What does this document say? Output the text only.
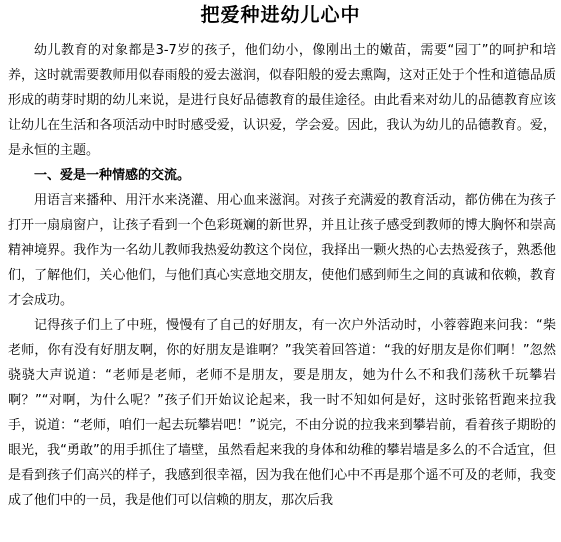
把爱种进幼儿心中

幼儿教育的对象都是3-7岁的孩子，他们幼小，像刚出土的嫩苗，需要“园丁”的呵护和培养，这时就需要教师用似春雨般的爱去滋润，似春阳般的爱去熏陶，这对正处于个性和道德品质形成的萌芽时期的幼儿来说，是进行良好品德教育的最佳途径。由此看来对幼儿的品德教育应该让幼儿在生活和各项活动中时时感受爱，认识爱，学会爱。因此，我认为幼儿的品德教育。爱，是永恒的主题。

一、爱是一种情感的交流。

用语言来播种、用汗水来浇灌、用心血来滋润。对孩子充满爱的教育活动，都仿佛在为孩子打开一扇扇窗户，让孩子看到一个色彩斑斓的新世界，并且让孩子感受到教师的博大胸怀和崇高精神境界。我作为一名幼儿教师我热爱幼教这个岗位，我择出一颗火热的心去热爱孩子，熟悉他们，了解他们，关心他们，与他们真心实意地交朋友，使他们感到师生之间的真诚和依赖，教育才会成功。

记得孩子们上了中班，慢慢有了自己的好朋友，有一次户外活动时，小蓉蓉跑来问我：“柴老师，你有没有好朋友啊，你的好朋友是谁啊？”我笑着回答道：“我的好朋友是你们啊！”忽然骁骁大声说道：“老师是老师，老师不是朋友，要是朋友，她为什么不和我们荡秋千玩攀岩啊？”“对啊，为什么呢？”孩子们开始议论起来，我一时不知如何是好，这时张铭哲跑来拉我手，说道：“老师，咱们一起去玩攀岩吧！”说完，不由分说的拉我来到攀岩前，看着孩子期盼的眼光，我“勇敢”的用手抓住了墙壁，虽然看起来我的身体和幼稚的攀岩墙是多么的不合适宜，但是看到孩子们高兴的样子，我感到很幸福，因为我在他们心中不再是那个遥不可及的老师，我变成了他们中的一员，我是他们可以信赖的朋友，那次后我
